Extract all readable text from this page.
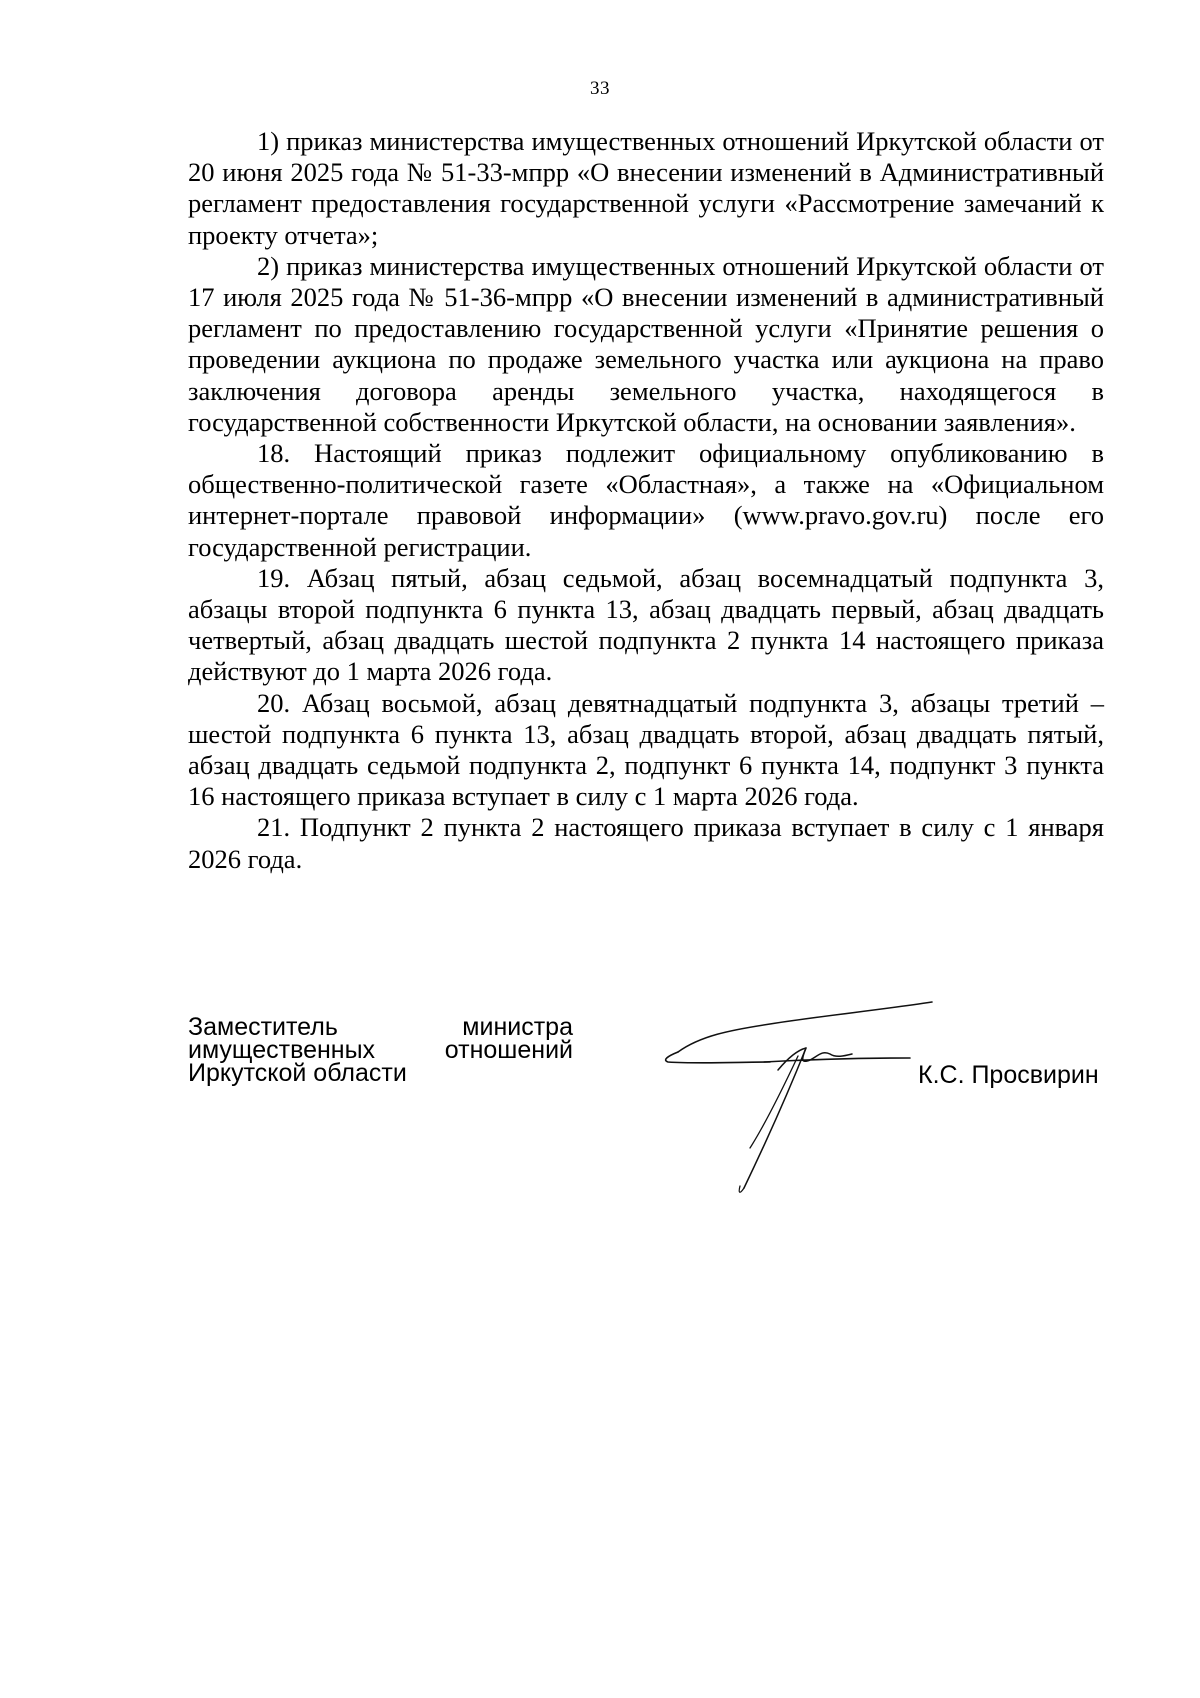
33

1) приказ министерства имущественных отношений Иркутской области от 20 июня 2025 года № 51-33-мпрр «О внесении изменений в Административный регламент предоставления государственной услуги «Рассмотрение замечаний к проекту отчета»;

2) приказ министерства имущественных отношений Иркутской области от 17 июля 2025 года № 51-36-мпрр «О внесении изменений в административный регламент по предоставлению государственной услуги «Принятие решения о проведении аукциона по продаже земельного участка или аукциона на право заключения договора аренды земельного участка, находящегося в государственной собственности Иркутской области, на основании заявления».

18. Настоящий приказ подлежит официальному опубликованию в общественно-политической газете «Областная», а также на «Официальном интернет-портале правовой информации» (www.pravo.gov.ru) после его государственной регистрации.

19. Абзац пятый, абзац седьмой, абзац восемнадцатый подпункта 3, абзацы второй подпункта 6 пункта 13, абзац двадцать первый, абзац двадцать четвертый, абзац двадцать шестой подпункта 2 пункта 14 настоящего приказа действуют до 1 марта 2026 года.

20. Абзац восьмой, абзац девятнадцатый подпункта 3, абзацы третий – шестой подпункта 6 пункта 13, абзац двадцать второй, абзац двадцать пятый, абзац двадцать седьмой подпункта 2, подпункт 6 пункта 14, подпункт 3 пункта 16 настоящего приказа вступает в силу с 1 марта 2026 года.

21. Подпункт 2 пункта 2 настоящего приказа вступает в силу с 1 января 2026 года.

Заместитель министра

имущественных отношений

Иркутской области	К.С. Просвирин
